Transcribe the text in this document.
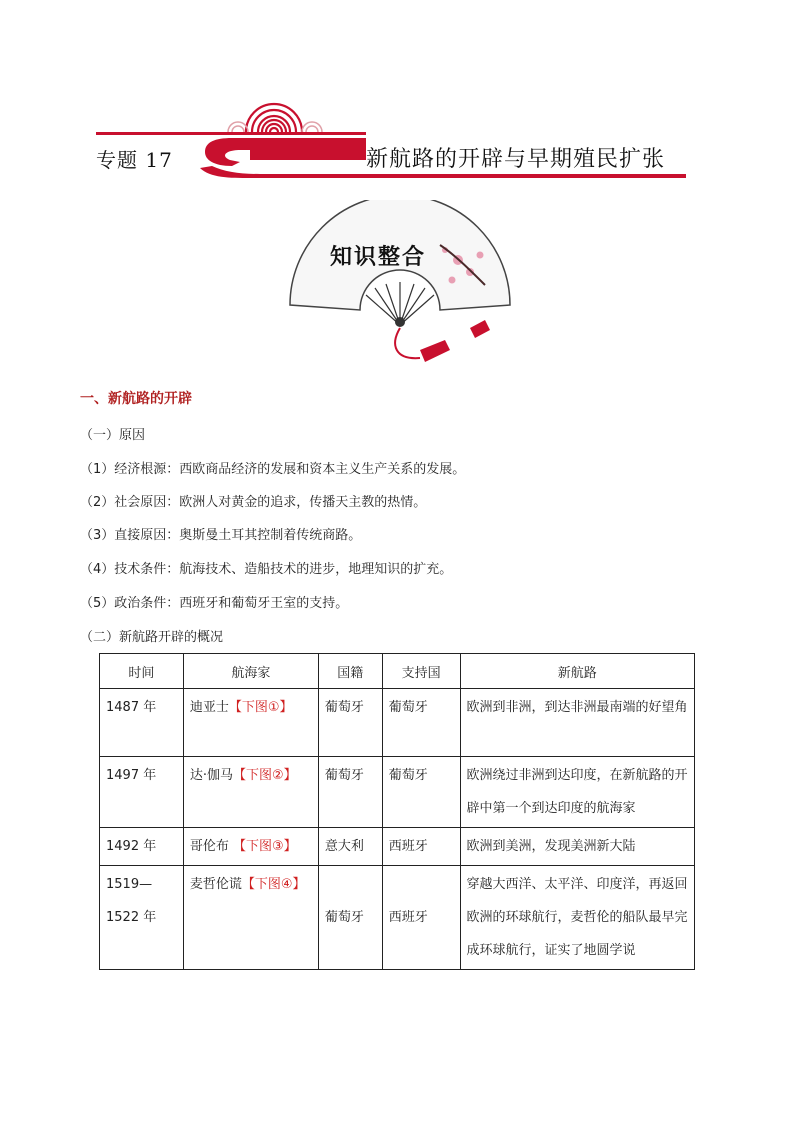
专题 17	新航路的开辟与早期殖民扩张
知识整合
一、新航路的开辟
（一）原因
（1）经济根源：西欧商品经济的发展和资本主义生产关系的发展。
（2）社会原因：欧洲人对黄金的追求，传播天主教的热情。
（3）直接原因：奥斯曼土耳其控制着传统商路。
（4）技术条件：航海技术、造船技术的进步，地理知识的扩充。
（5）政治条件：西班牙和葡萄牙王室的支持。
（二）新航路开辟的概况
时间	航海家	国籍	支持国	新航路
1487 年	迪亚士【下图①】	葡萄牙	葡萄牙	欧洲到非洲，到达非洲最南端的好望角
1497 年	达·伽马【下图②】	葡萄牙	葡萄牙	欧洲绕过非洲到达印度，在新航路的开辟中第一个到达印度的航海家
1492 年	哥伦布 【下图③】	意大利	西班牙	欧洲到美洲，发现美洲新大陆
1519—1522 年	麦哲伦谎【下图④】	葡萄牙	西班牙	穿越大西洋、太平洋、印度洋，再返回欧洲的环球航行，麦哲伦的船队最早完成环球航行，证实了地圆学说
